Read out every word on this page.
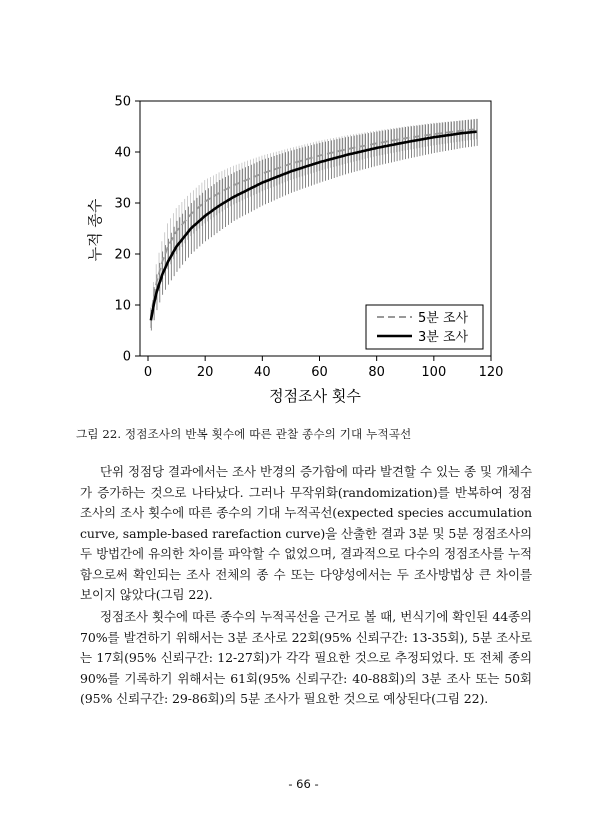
0	20	40	60	80	100 120
0
10
20
30
40
50
정점조사 횟수
누적 종수
5분 조사
3분 조사
그림 22. 정점조사의 반복 횟수에 따른 관찰 종수의 기대 누적곡선

단위 정점당 결과에서는 조사 반경의 증가함에 따라 발견할 수 있는 종 및 개체수가 증가하는 것으로 나타났다. 그러나 무작위화(randomization)를 반복하여 정점조사의 조사 횟수에 따른 종수의 기대 누적곡선(expected species accumulation curve, sample-based rarefaction curve)을 산출한 결과 3분 및 5분 정점조사의 두 방법간에 유의한 차이를 파악할 수 없었으며, 결과적으로 다수의 정점조사를 누적함으로써 확인되는 조사 전체의 종 수 또는 다양성에서는 두 조사방법상 큰 차이를 보이지 않았다(그림 22).

정점조사 횟수에 따른 종수의 누적곡선을 근거로 볼 때, 번식기에 확인된 44종의 70%를 발견하기 위해서는 3분 조사로 22회(95% 신뢰구간: 13-35회), 5분 조사로는 17회(95% 신뢰구간: 12-27회)가 각각 필요한 것으로 추정되었다. 또 전체 종의 90%를 기록하기 위해서는 61회(95% 신뢰구간: 40-88회)의 3분 조사 또는 50회(95% 신뢰구간: 29-86회)의 5분 조사가 필요한 것으로 예상된다(그림 22).

- 66 -
